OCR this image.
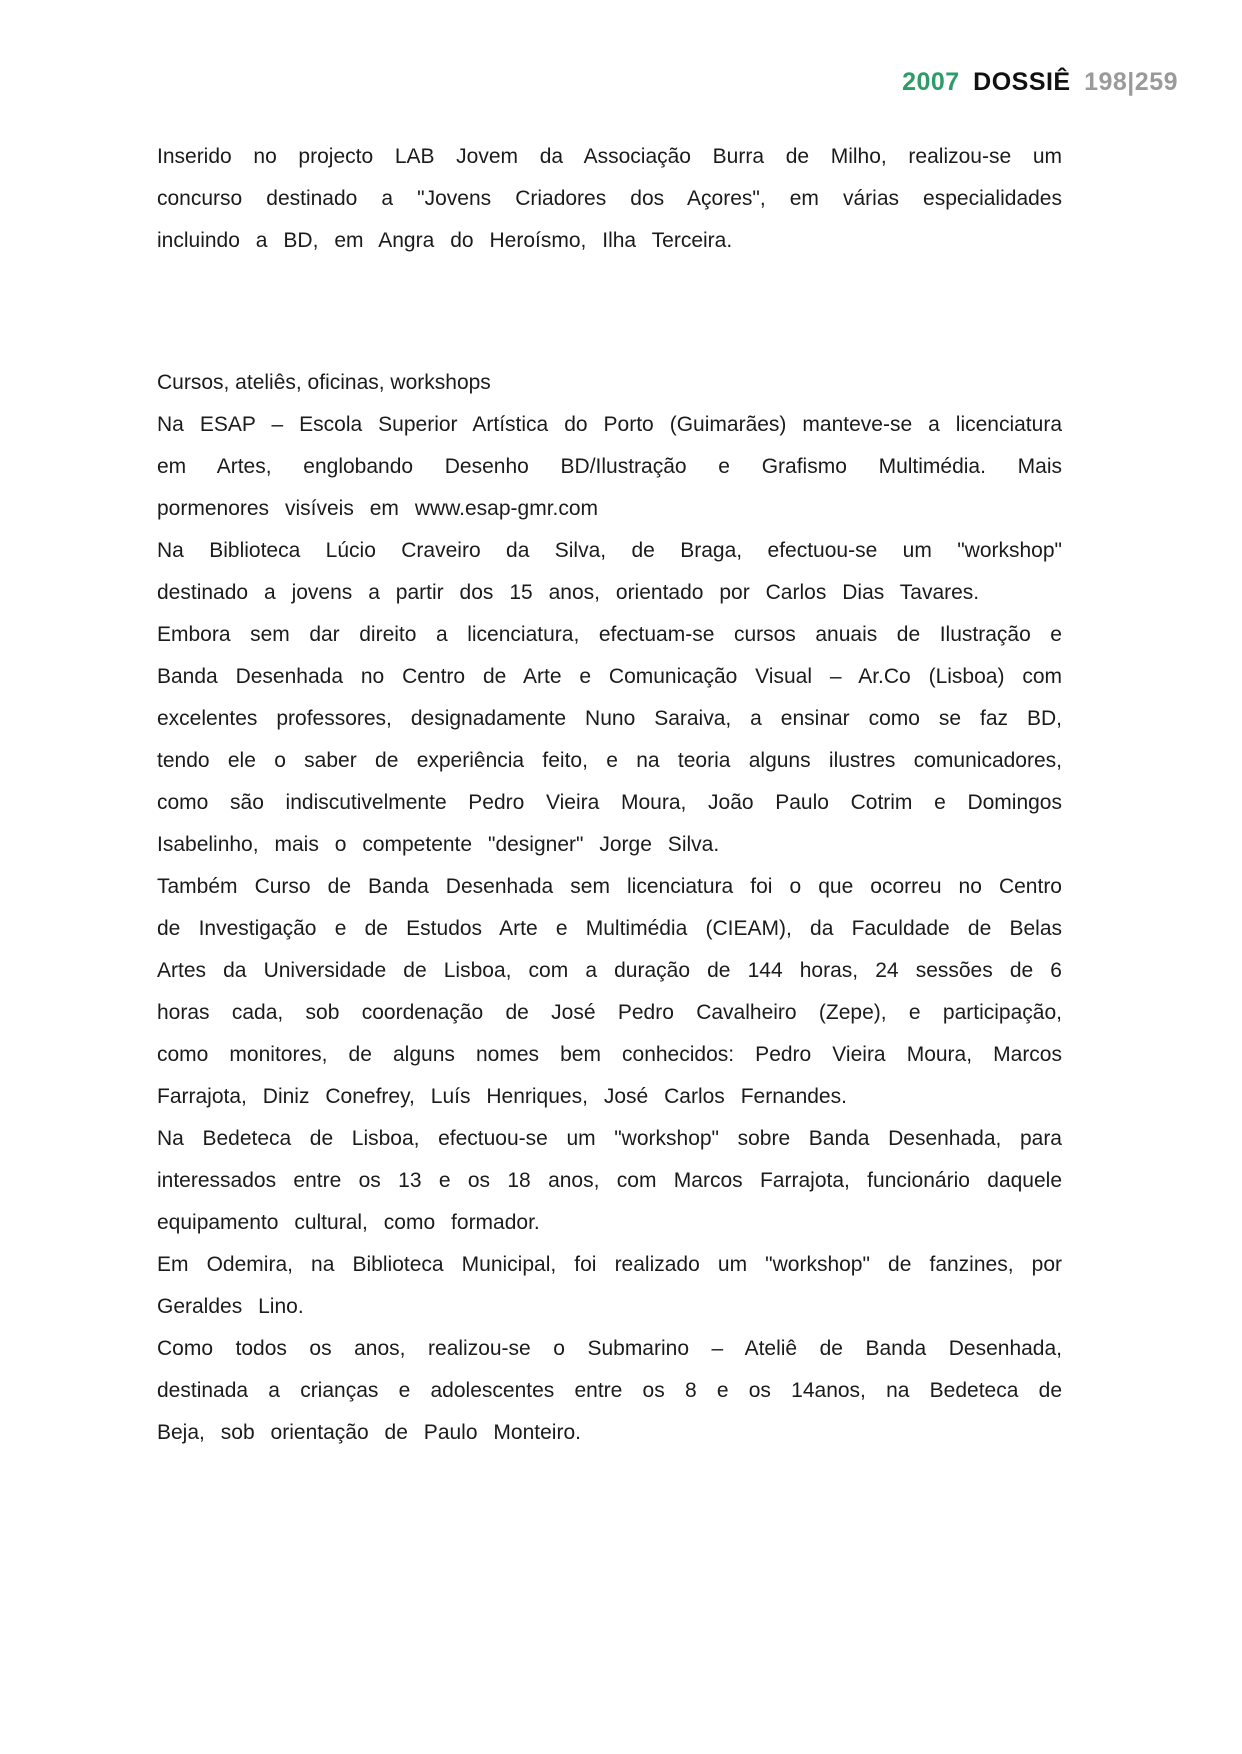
2007 DOSSIÊ 198|259

Inserido no projecto LAB Jovem da Associação Burra de Milho, realizou-se um concurso destinado a "Jovens Criadores dos Açores", em várias especialidades incluindo a BD, em Angra do Heroísmo, Ilha Terceira.

Cursos, ateliês, oficinas, workshops

Na ESAP – Escola Superior Artística do Porto (Guimarães) manteve-se a licenciatura em Artes, englobando Desenho BD/Ilustração e Grafismo Multimédia. Mais pormenores visíveis em www.esap-gmr.com

Na Biblioteca Lúcio Craveiro da Silva, de Braga, efectuou-se um "workshop" destinado a jovens a partir dos 15 anos, orientado por Carlos Dias Tavares.

Embora sem dar direito a licenciatura, efectuam-se cursos anuais de Ilustração e Banda Desenhada no Centro de Arte e Comunicação Visual – Ar.Co (Lisboa) com excelentes professores, designadamente Nuno Saraiva, a ensinar como se faz BD, tendo ele o saber de experiência feito, e na teoria alguns ilustres comunicadores, como são indiscutivelmente Pedro Vieira Moura, João Paulo Cotrim e Domingos Isabelinho, mais o competente "designer" Jorge Silva.

Também Curso de Banda Desenhada sem licenciatura foi o que ocorreu no Centro de Investigação e de Estudos Arte e Multimédia (CIEAM), da Faculdade de Belas Artes da Universidade de Lisboa, com a duração de 144 horas, 24 sessões de 6 horas cada, sob coordenação de José Pedro Cavalheiro (Zepe), e participação, como monitores, de alguns nomes bem conhecidos: Pedro Vieira Moura, Marcos Farrajota, Diniz Conefrey, Luís Henriques, José Carlos Fernandes.

Na Bedeteca de Lisboa, efectuou-se um "workshop" sobre Banda Desenhada, para interessados entre os 13 e os 18 anos, com Marcos Farrajota, funcionário daquele equipamento cultural, como formador.

Em Odemira, na Biblioteca Municipal, foi realizado um "workshop" de fanzines, por Geraldes Lino.

Como todos os anos, realizou-se o Submarino – Ateliê de Banda Desenhada, destinada a crianças e adolescentes entre os 8 e os 14anos, na Bedeteca de Beja, sob orientação de Paulo Monteiro.
